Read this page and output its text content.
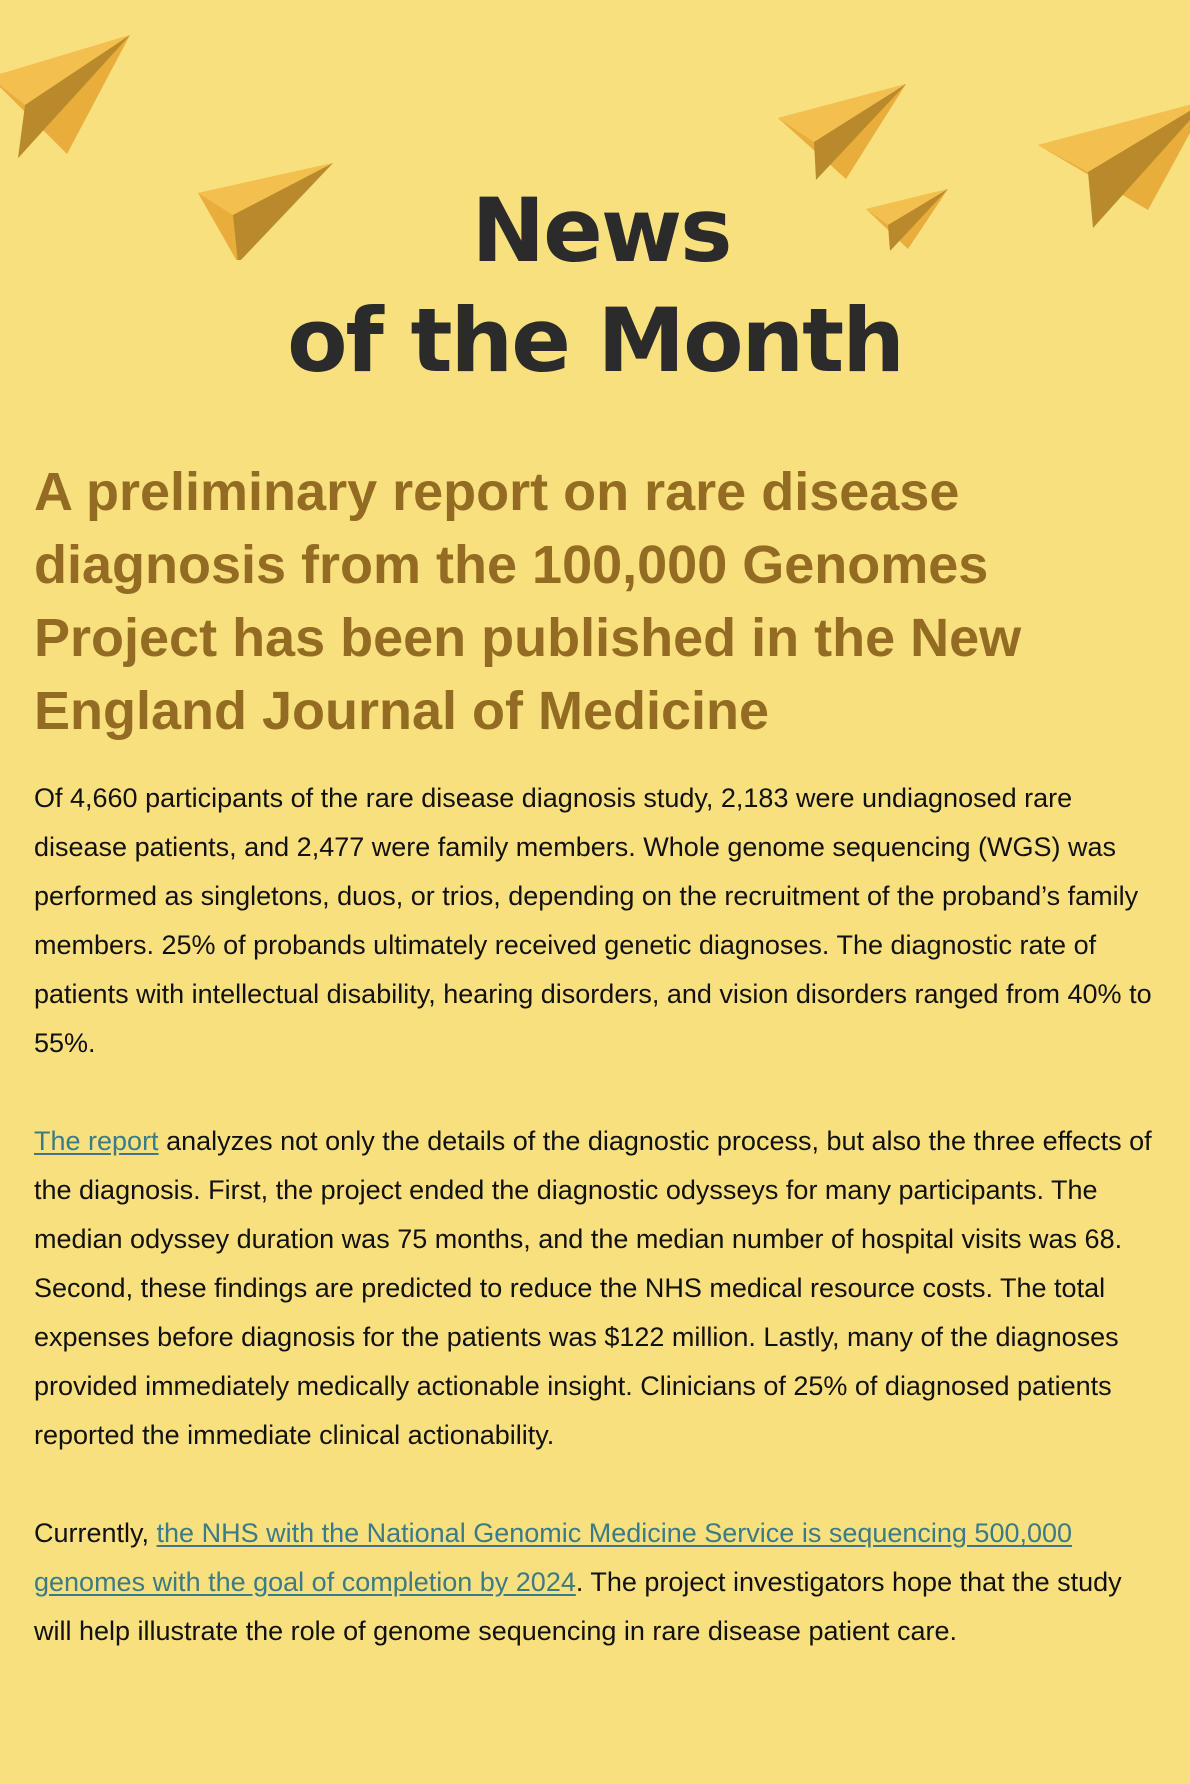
News
of the Month
A preliminary report on rare disease diagnosis from the 100,000 Genomes Project has been published in the New England Journal of Medicine

Of 4,660 participants of the rare disease diagnosis study, 2,183 were undiagnosed rare disease patients, and 2,477 were family members. Whole genome sequencing (WGS) was performed as singletons, duos, or trios, depending on the recruitment of the proband’s family members. 25% of probands ultimately received genetic diagnoses. The diagnostic rate of patients with intellectual disability, hearing disorders, and vision disorders ranged from 40% to 55%.

The report analyzes not only the details of the diagnostic process, but also the three effects of the diagnosis. First, the project ended the diagnostic odysseys for many participants. The median odyssey duration was 75 months, and the median number of hospital visits was 68. Second, these findings are predicted to reduce the NHS medical resource costs. The total expenses before diagnosis for the patients was $122 million. Lastly, many of the diagnoses provided immediately medically actionable insight. Clinicians of 25% of diagnosed patients reported the immediate clinical actionability.

Currently, the NHS with the National Genomic Medicine Service is sequencing 500,000 genomes with the goal of completion by 2024. The project investigators hope that the study will help illustrate the role of genome sequencing in rare disease patient care.
